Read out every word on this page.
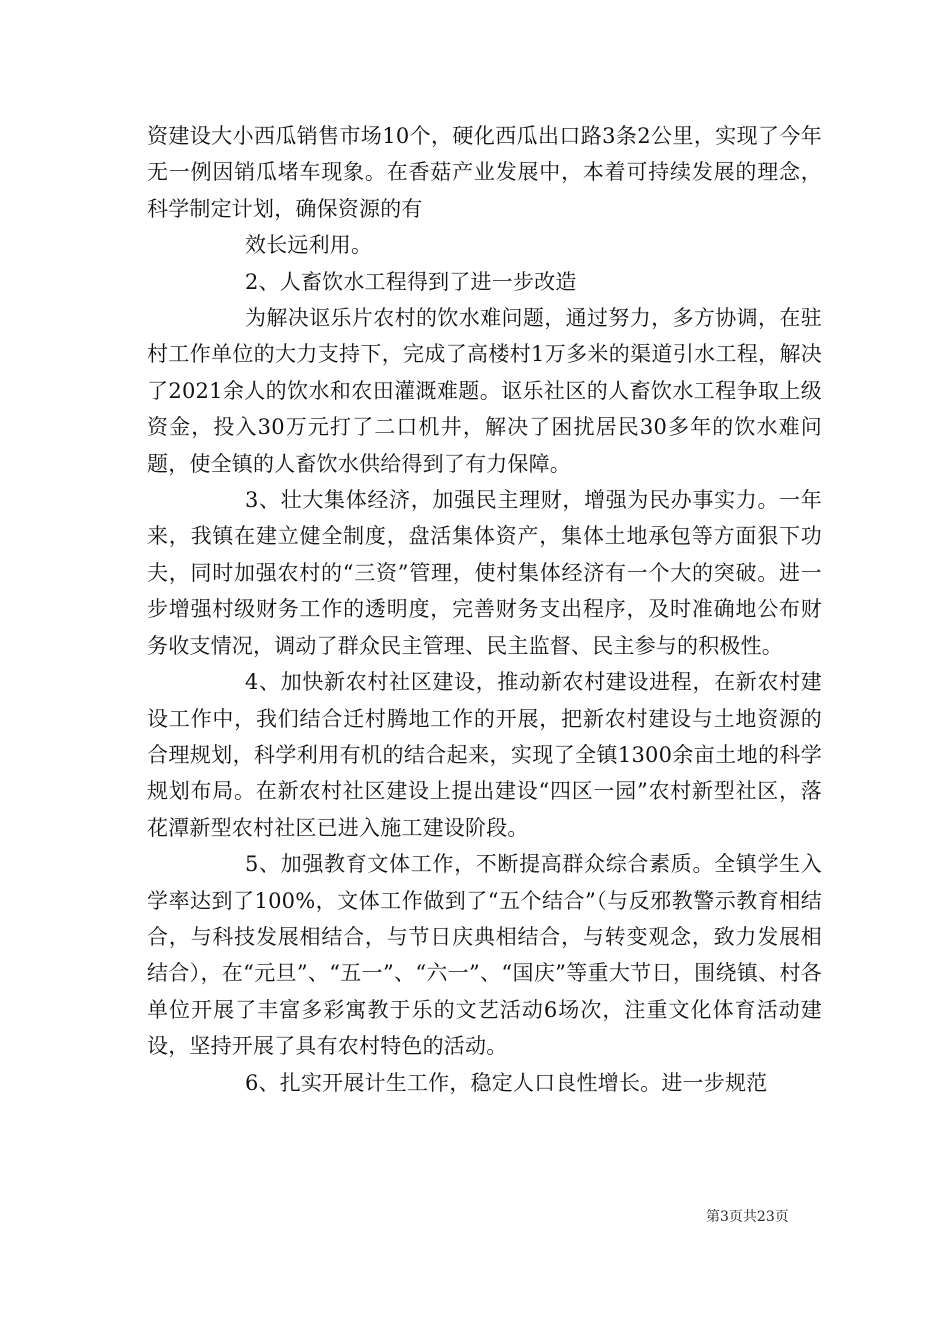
资建设大小西瓜销售市场10个，硬化西瓜出口路3条2公里，实现了今年无一例因销瓜堵车现象。在香菇产业发展中，本着可持续发展的理念，科学制定计划，确保资源的有

效长远利用。

2、人畜饮水工程得到了进一步改造

为解决讴乐片农村的饮水难问题，通过努力，多方协调，在驻村工作单位的大力支持下，完成了高楼村1万多米的渠道引水工程，解决了2021余人的饮水和农田灌溉难题。讴乐社区的人畜饮水工程争取上级资金，投入30万元打了二口机井，解决了困扰居民30多年的饮水难问题，使全镇的人畜饮水供给得到了有力保障。

3、壮大集体经济，加强民主理财，增强为民办事实力。一年来，我镇在建立健全制度，盘活集体资产，集体土地承包等方面狠下功夫，同时加强农村的“三资”管理，使村集体经济有一个大的突破。进一步增强村级财务工作的透明度，完善财务支出程序，及时准确地公布财务收支情况，调动了群众民主管理、民主监督、民主参与的积极性。

4、加快新农村社区建设，推动新农村建设进程，在新农村建设工作中，我们结合迁村腾地工作的开展，把新农村建设与土地资源的合理规划，科学利用有机的结合起来，实现了全镇1300余亩土地的科学规划布局。在新农村社区建设上提出建设“四区一园”农村新型社区，落花潭新型农村社区已进入施工建设阶段。

5、加强教育文体工作，不断提高群众综合素质。全镇学生入学率达到了100%，文体工作做到了“五个结合”（与反邪教警示教育相结合，与科技发展相结合，与节日庆典相结合，与转变观念，致力发展相结合），在“元旦”、“五一”、“六一”、“国庆”等重大节日，围绕镇、村各单位开展了丰富多彩寓教于乐的文艺活动6场次，注重文化体育活动建设，坚持开展了具有农村特色的活动。

6、扎实开展计生工作，稳定人口良性增长。进一步规范

第3页共23页
